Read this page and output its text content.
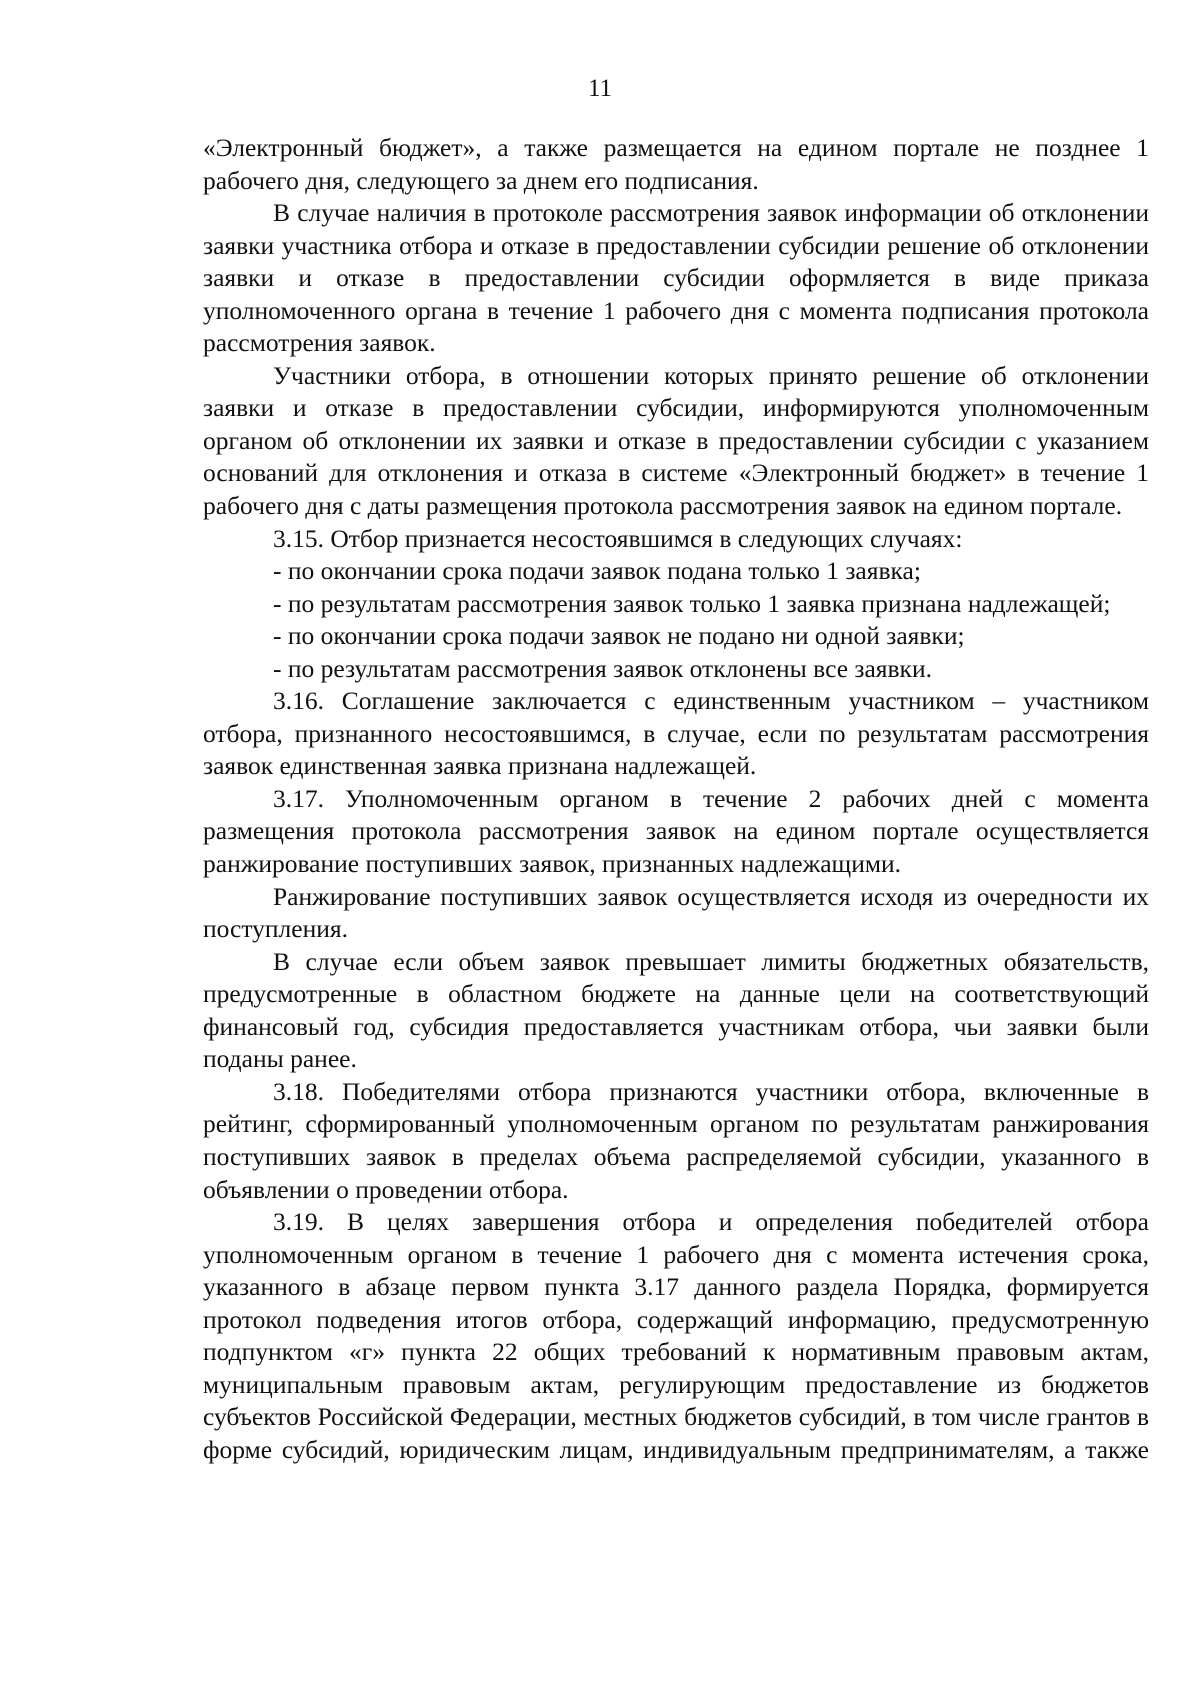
11

«Электронный бюджет», а также размещается на едином портале не позднее 1 рабочего дня, следующего за днем его подписания.

В случае наличия в протоколе рассмотрения заявок информации об отклонении заявки участника отбора и отказе в предоставлении субсидии решение об отклонении заявки и отказе в предоставлении субсидии оформляется в виде приказа уполномоченного органа в течение 1 рабочего дня с момента подписания протокола рассмотрения заявок.

Участники отбора, в отношении которых принято решение об отклонении заявки и отказе в предоставлении субсидии, информируются уполномоченным органом об отклонении их заявки и отказе в предоставлении субсидии с указанием оснований для отклонения и отказа в системе «Электронный бюджет» в течение 1 рабочего дня с даты размещения протокола рассмотрения заявок на едином портале.

3.15. Отбор признается несостоявшимся в следующих случаях:

- по окончании срока подачи заявок подана только 1 заявка;

- по результатам рассмотрения заявок только 1 заявка признана надлежащей;

- по окончании срока подачи заявок не подано ни одной заявки;

- по результатам рассмотрения заявок отклонены все заявки.

3.16. Соглашение заключается с единственным участником – участником отбора, признанного несостоявшимся, в случае, если по результатам рассмотрения заявок единственная заявка признана надлежащей.

3.17. Уполномоченным органом в течение 2 рабочих дней с момента размещения протокола рассмотрения заявок на едином портале осуществляется ранжирование поступивших заявок, признанных надлежащими.

Ранжирование поступивших заявок осуществляется исходя из очередности их поступления.

В случае если объем заявок превышает лимиты бюджетных обязательств, предусмотренные в областном бюджете на данные цели на соответствующий финансовый год, субсидия предоставляется участникам отбора, чьи заявки были поданы ранее.

3.18. Победителями отбора признаются участники отбора, включенные в рейтинг, сформированный уполномоченным органом по результатам ранжирования поступивших заявок в пределах объема распределяемой субсидии, указанного в объявлении о проведении отбора.

3.19. В целях завершения отбора и определения победителей отбора уполномоченным органом в течение 1 рабочего дня с момента истечения срока, указанного в абзаце первом пункта 3.17 данного раздела Порядка, формируется протокол подведения итогов отбора, содержащий информацию, предусмотренную подпунктом «г» пункта 22 общих требований к нормативным правовым актам, муниципальным правовым актам, регулирующим предоставление из бюджетов субъектов Российской Федерации, местных бюджетов субсидий, в том числе грантов в форме субсидий, юридическим лицам, индивидуальным предпринимателям, а также
